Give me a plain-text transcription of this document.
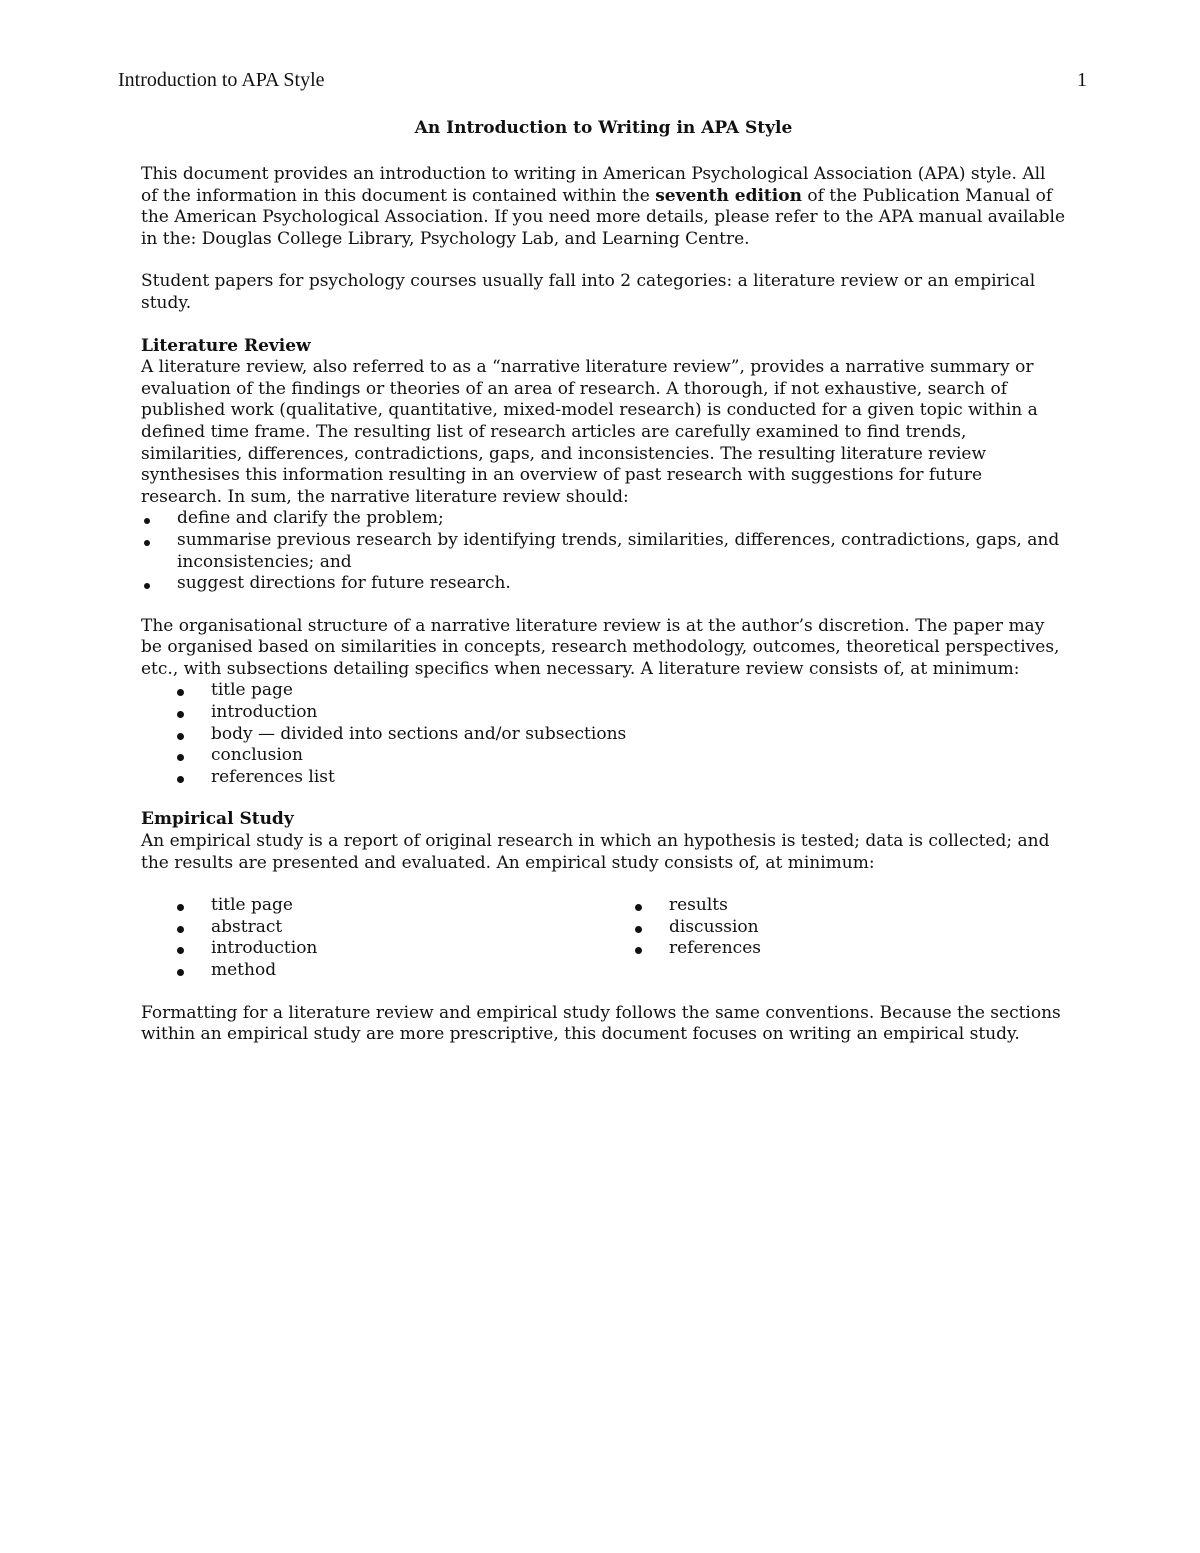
Introduction to APA Style	1
An Introduction to Writing in APA Style

This document provides an introduction to writing in American Psychological Association (APA) style. All of the information in this document is contained within the seventh edition of the Publication Manual of the American Psychological Association. If you need more details, please refer to the APA manual available in the: Douglas College Library, Psychology Lab, and Learning Centre.

Student papers for psychology courses usually fall into 2 categories: a literature review or an empirical study.

Literature Review
A literature review, also referred to as a “narrative literature review”, provides a narrative summary or evaluation of the findings or theories of an area of research. A thorough, if not exhaustive, search of published work (qualitative, quantitative, mixed-model research) is conducted for a given topic within a defined time frame. The resulting list of research articles are carefully examined to find trends, similarities, differences, contradictions, gaps, and inconsistencies. The resulting literature review synthesises this information resulting in an overview of past research with suggestions for future research. In sum, the narrative literature review should:
define and clarify the problem;
summarise previous research by identifying trends, similarities, differences, contradictions, gaps, and inconsistencies; and
suggest directions for future research.
The organisational structure of a narrative literature review is at the author’s discretion. The paper may be organised based on similarities in concepts, research methodology, outcomes, theoretical perspectives, etc., with subsections detailing specifics when necessary. A literature review consists of, at minimum:
title page
introduction
body — divided into sections and/or subsections
conclusion
references list
Empirical Study
An empirical study is a report of original research in which an hypothesis is tested; data is collected; and the results are presented and evaluated. An empirical study consists of, at minimum:
title page
abstract
introduction
method
results
discussion
references

Formatting for a literature review and empirical study follows the same conventions. Because the sections within an empirical study are more prescriptive, this document focuses on writing an empirical study.
